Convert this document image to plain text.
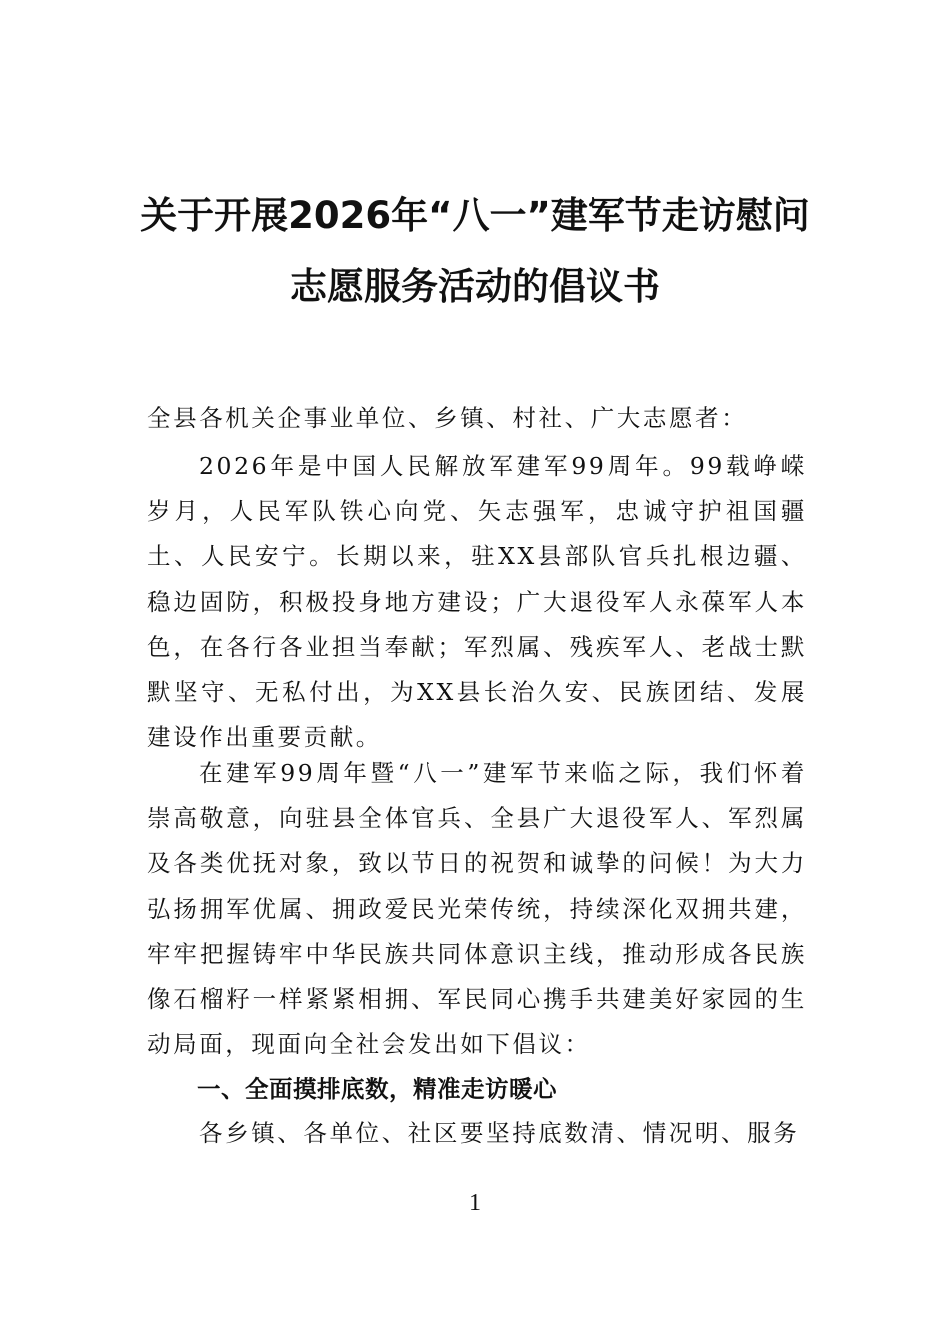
关于开展2026年“八一”建军节走访慰问
志愿服务活动的倡议书
全县各机关企事业单位、乡镇、村社、广大志愿者：
2026年是中国人民解放军建军99周年。99载峥嵘岁月，人民军队铁心向党、矢志强军，忠诚守护祖国疆土、人民安宁。长期以来，驻XX县部队官兵扎根边疆、稳边固防，积极投身地方建设；广大退役军人永葆军人本色，在各行各业担当奉献；军烈属、残疾军人、老战士默默坚守、无私付出，为XX县长治久安、民族团结、发展建设作出重要贡献。
在建军99周年暨“八一”建军节来临之际，我们怀着崇高敬意，向驻县全体官兵、全县广大退役军人、军烈属及各类优抚对象，致以节日的祝贺和诚挚的问候！为大力弘扬拥军优属、拥政爱民光荣传统，持续深化双拥共建，牢牢把握铸牢中华民族共同体意识主线，推动形成各民族像石榴籽一样紧紧相拥、军民同心携手共建美好家园的生动局面，现面向全社会发出如下倡议：
一、全面摸排底数，精准走访暖心
各乡镇、各单位、社区要坚持底数清、情况明、服务
1
